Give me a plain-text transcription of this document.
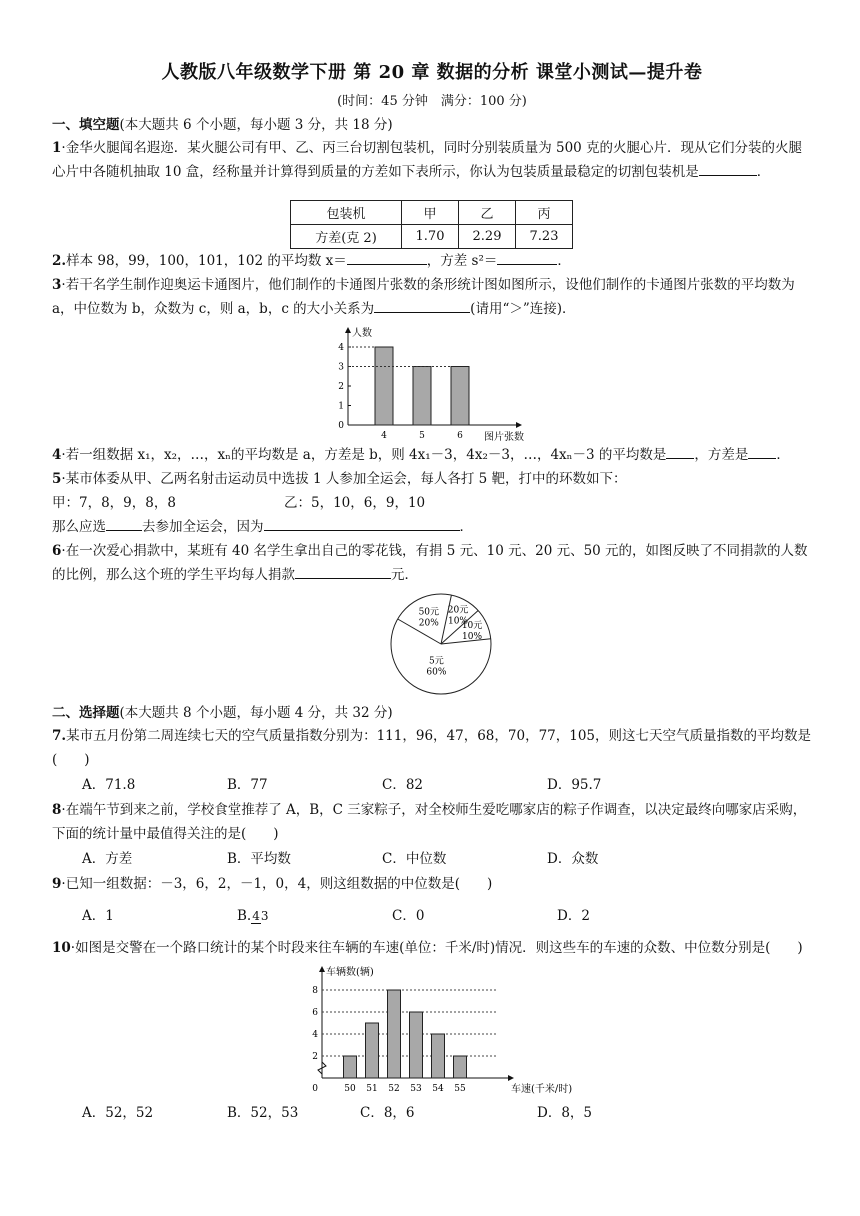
人教版八年级数学下册 第 20 章 数据的分析 课堂小测试—提升卷
(时间：45 分钟　满分：100 分)
一、填空题(本大题共 6 个小题，每小题 3 分，共 18 分)

1·金华火腿闻名遐迩．某火腿公司有甲、乙、丙三台切割包装机，同时分别装质量为 500 克的火腿心片．现从它们分装的火腿心片中各随机抽取 10 盒，经称量并计算得到质量的方差如下表所示，你认为包装质量最稳定的切割包装机是	．

包装机	甲	乙	丙
方差(克 2)	1.70	2.29	7.23

2.样本 98，99，100，101，102 的平均数 x＝	，方差 s²＝	．

3·若干名学生制作迎奥运卡通图片，他们制作的卡通图片张数的条形统计图如图所示，设他们制作的卡通图片张数的平均数为 a，中位数为 b，众数为 c，则 a，b，c 的大小关系为	(请用“＞”连接)．

人数
图片张数
0
1
2
3
4
4	5	6

4·若一组数据 x₁，x₂，…，xₙ的平均数是 a，方差是 b，则 4x₁－3，4x₂－3，…，4xₙ－3 的平均数是 ，方差是 ．

5·某市体委从甲、乙两名射击运动员中选拔 1 人参加全运会，每人各打 5 靶，打中的环数如下：

甲：7，8，9，8，8	乙：5，10，6，9，10

那么应选	去参加全运会，因为	．

6·在一次爱心捐款中，某班有 40 名学生拿出自己的零花钱，有捐 5 元、10 元、20 元、50 元的，如图反映了不同捐款的人数的比例，那么这个班的学生平均每人捐款	元．

5元
60%
10元
10%
20元
10%
50元
20%
二、选择题(本大题共 8 个小题，每小题 4 分，共 32 分)

7.某市五月份第二周连续七天的空气质量指数分别为：111，96，47，68，70，77，105，则这七天空气质量指数的平均数是(　　)

A．71.8	B．77	C．82	D．95.7

8·在端午节到来之前，学校食堂推荐了 A，B，C 三家粽子，对全校师生爱吃哪家店的粽子作调查，以决定最终向哪家店采购，下面的统计量中最值得关注的是(　　)

A．方差	B．平均数	C．中位数	D．众数

9·已知一组数据：－3，6，2，－1，0，4，则这组数据的中位数是(　　)

A．1	B.43	C．0	D．2

10·如图是交警在一个路口统计的某个时段来往车辆的车速(单位：千米/时)情况．则这些车的车速的众数、中位数分别是(　　)

车辆数(辆)
车速(千米/时)
0
2
4
6
8
50 51 52 53 54 55
A．52，52	B．52，53	C．8，6	D．8，5
